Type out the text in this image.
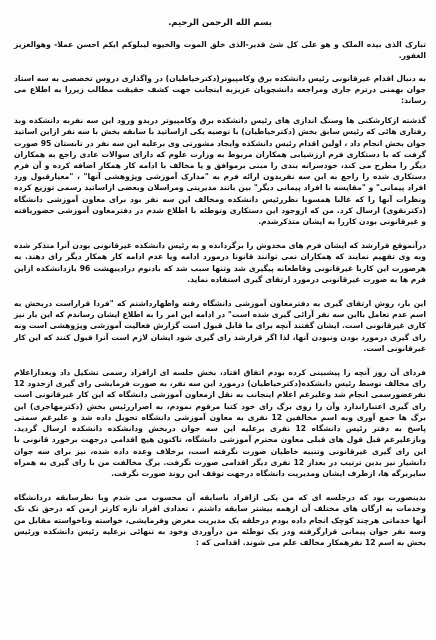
بسم الله الرحمن الرحيم.
تبارک الذی بیده الملک و هو علی کل شئ قدیر-الذی خلق الموت والحیوه لیبلوکم ایکم احسن عملا- وهوالعزیز الغفور.

به دنبال اقدام غیرقانونی رئیس دانشکده برق وکامپیوتر(دکترخیاطیان) در واگذاری دروس تخصصی به سه استاد جوان بهمنی درترم جاری ومراجعه دانشجویان عزیزبه اینجانب جهت کشف حقیقت مطالب زیررا به اطلاع می رساند:

گذشته ازکارشکنی ها وسنگ اندازی های رئیس دانشکده برق وکامپیوتر دربدو ورود این سه نفربه دانشکده وبد رفتاری هائی که رئیس سابق بخش (دکترخیاطیان) با توصیه یکی ازاساتید با سابقه بخش با سه نفر ازاین اساتید جوان بخش انجام داد ، اولین اقدام رئیس دانشکده وایجاد مشورتی وی برعلیه این سه نفر در تابستان 95 صورت گرفت که با دستکاری فرم ارزشیابی همکاران مربوط به وزارت علوم که دارای سوالات عادی راجع به همکاران دیگر را مطرح می کند، خودسرانه بندی را مبنی برموافق و یا مخالف با ادامه کار همکار اضافه کرده و آن فرم دستکاری شده را راجع به این سه نفربدون ارائه فرم به "مدارک آموزشی وپژوهشی آنها" ، "معیارقبول ورد افراد پیمانی" و "مقایسه با افراد پیمانی دیگر" بین بانند مدیریتی ومراسلان وبعضی ازاساتید رسمی توزیع کرده ونظرات آنها را که غالبا همسوبا نظررئیس دانشکده ومخالف این سه نفر بود برای معاون آموزشی دانشگاه (دکترنقوی) ارسال کرد. من که ازوجود این دستکاری وتوطئه با اطلاع شدم در دفترمعاون آموزشی حضوریافته و غیرقانونی بودن کاررا به ایشان متذکرشدم.

درآنموقع قرارشد که ایشان فرم های مخدوش را برگردانده و به رئیس دانشکده غیرقانونی بودن آنرا متذکر شده وبه وی تفهیم نمایند که همکاران نمی توانند قانونا درمورد ادامه ویا عدم ادامه کار همکار دیگر رای دهند. به هرصورت این کاربا غیرقانونی وقاطعانه پیگیری شد وتنها سبب شد که بادنوم درادیبهشت 96 بازدانشکده ازاین فرم ها به صورت غیرقانونی درمورد ارتقای گیری استفاده نماید.

این بار، روش ارتقای گیری به دفترمعاون آموزشی دانشگاه رفته واظهارداشتم که "فردا قراراست دربخش به اسم عدم تعامل بااین سه نفر آرائی گیری شده است" در ادامه این امر را به اطلاع ایشان رساندم که این بار نیز کاری غیرقانونی است. ایشان گفتند آنچه برای ما قابل قبول است گزارش فعالیت آموزشی وپژوهشی است ونه رای گیری درمورد بودن ونبودن آنها، لذا اگر قرارشد رای گیری شود ایشان لازم است آنرا قبول کنند که این کار غیرقانونی است.

فردای آن روز آنچه را پیشبینی کرده بودم اتفاق افتاد، بخش جلسه ای ازافراد رسمی تشکیل داد وبعدازاعلام رای مخالف توسط رئیس دانشکده(دکترخیاطیان) درمورد این سه نفر، به صورت فرمایشی رای گیری ازحدود 12 نفرعضورسمی انجام شد وعلیرغم اعلام اینجانب به نقل ازمعاون آموزشی دانشگاه که این کار غیرقانونی است رای گیری اعتباراندارد وآن را روی برگ رای خود کتبا مرقوم نمودم، به اصراررئیس بخش (دکترمهاجری) این برگ ها جمع آوری وبه اسم مخالفین 12 نفری به معاون آموزشی دانشگاه تحویل داده شد و علیرغم سمتی پاسخ به دفتر رئیس دانشگاه 12 نفری برعلیه این سه جوان دربخش ودانشکده دانشکده ارسال گردید. وبازعلیرغم قبل قول های قبلی معاون محترم آموزشی دانشگاه، تاکنون هیچ اقدامی درجهت برخورد قانونی با این رای گیری غیرقانونی وتنبیه خاطیان صورت نگرفته است، برخلاف وعده داده شده، نیز برای سه جوان دانشیار نیز بدین ترتیب در بعداز 12 نفری دیگر اقدامی صورت نگرفت. برگ مخالفت من با رای گیری به همراه سایربرگه ها، ازطرف ایشان ومدیریت دانشگاه درجهت توقف این روند صورت نگرفت.

بدینصورت بود که درجلسه ای که من یکی ازافراد باسابقه آن محسوب می شدم وبا نظرسابقه دردانشگاه وخدمات به ارگان های مختلف آن ازهمه بیشتر سابقه داشتم ، تعدادی افراد تازه کارتر ازمن که درحق تک تک آنها خدماتی هرچند کوچک انجام داده بودم درحلقه یک مدیریت مغرض وفرمایشی، خواسته وناخواسته مقابل من وسه نفر جوان پیمانی قرارگرفته ودر یک توطئه من درآوردی وخود به تنهائی برعلیه رئیس دانشکده ورئیس بخش به اسم 12 نفرهمکار مخالف علم می شوند. اقدامی که :
